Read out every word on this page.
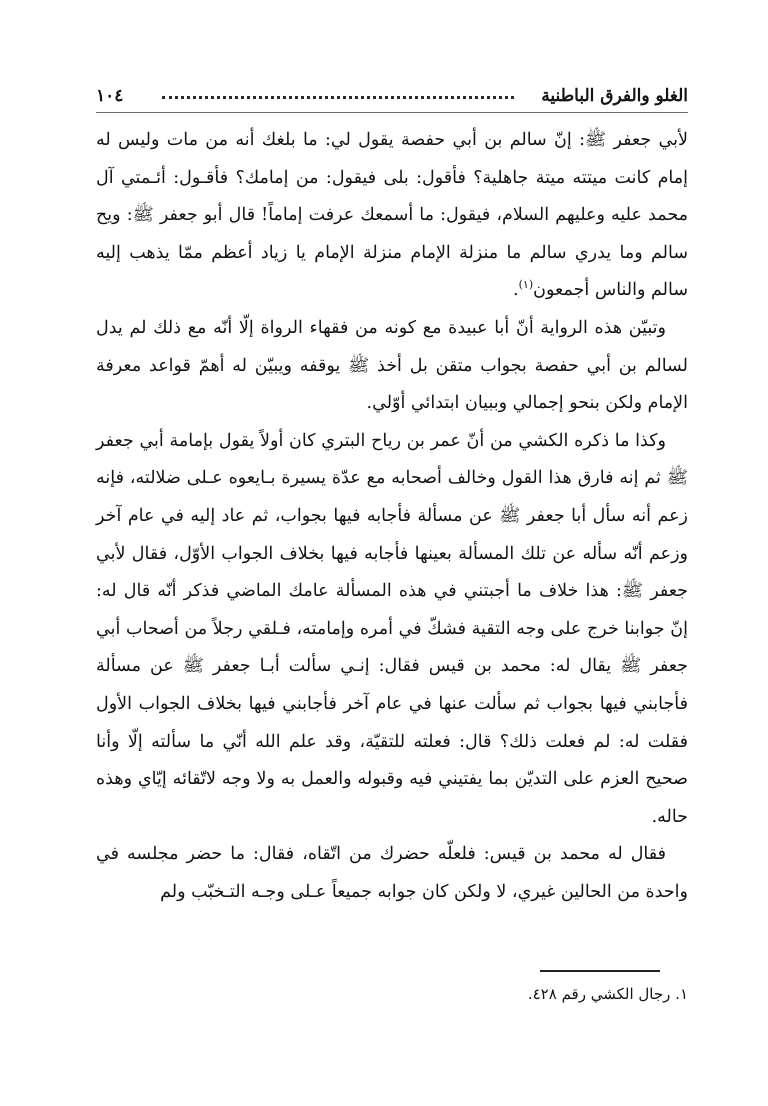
الغلو والفرق الباطنية
١٠٤

لأبي جعفر ﷺ: إنّ سالم بن أبي حفصة يقول لي: ما بلغك أنه من مات وليس له إمام كانت ميتته ميتة جاهلية؟ فأقول: بلى فيقول: من إمامك؟ فأقـول: أئـمتي آل محمد عليه وعليهم السلام، فيقول: ما أسمعك عرفت إماماً! قال أبو جعفر ﷺ: ويح سالم وما يدري سالم ما منزلة الإمام منزلة الإمام يا زياد أعظم ممّا يذهب إليه سالم والناس أجمعون$^{(١)}$.

وتبيّن هذه الرواية أنّ أبا عبيدة مع كونه من فقهاء الرواة إلّا أنّه مع ذلك لم يدل لسالم بن أبي حفصة بجواب متقن بل أخذ ﷺ يوقفه ويبيّن له أهمّ قواعد معرفة الإمام ولكن بنحو إجمالي وببيان ابتدائي أوّلي.

وكذا ما ذكره الكشي من أنّ عمر بن رياح البتري كان أولاً يقول بإمامة أبي جعفر ﷺ ثم إنه فارق هذا القول وخالف أصحابه مع عدّة يسيرة بـايعوه عـلى ضلالته، فإنه زعم أنه سأل أبا جعفر ﷺ عن مسألة فأجابه فيها بجواب، ثم عاد إليه في عام آخر وزعم أنّه سأله عن تلك المسألة بعينها فأجابه فيها بخلاف الجواب الأوّل، فقال لأبي جعفر ﷺ: هذا خلاف ما أجبتني في هذه المسألة عامك الماضي فذكر أنّه قال له: إنّ جوابنا خرج على وجه التقية فشكّ في أمره وإمامته، فـلقي رجلاً من أصحاب أبي جعفر ﷺ يقال له: محمد بن قيس فقال: إنـي سألت أبـا جعفر ﷺ عن مسألة فأجابني فيها بجواب ثم سألت عنها في عام آخر فأجابني فيها بخلاف الجواب الأول فقلت له: لم فعلت ذلك؟ قال: فعلته للتقيّة، وقد علم الله أنّي ما سألته إلّا وأنا صحيح العزم على التديّن بما يفتيني فيه وقبوله والعمل به ولا وجه لاتّقائه إيّاي وهذه حاله.

فقال له محمد بن قيس: فلعلّه حضرك من اتّقاه، فقال: ما حضر مجلسه في واحدة من الحالين غيري، لا ولكن كان جوابه جميعاً عـلى وجـه التـخبّب ولم

١. رجال الكشي رقم ٤٢٨.
